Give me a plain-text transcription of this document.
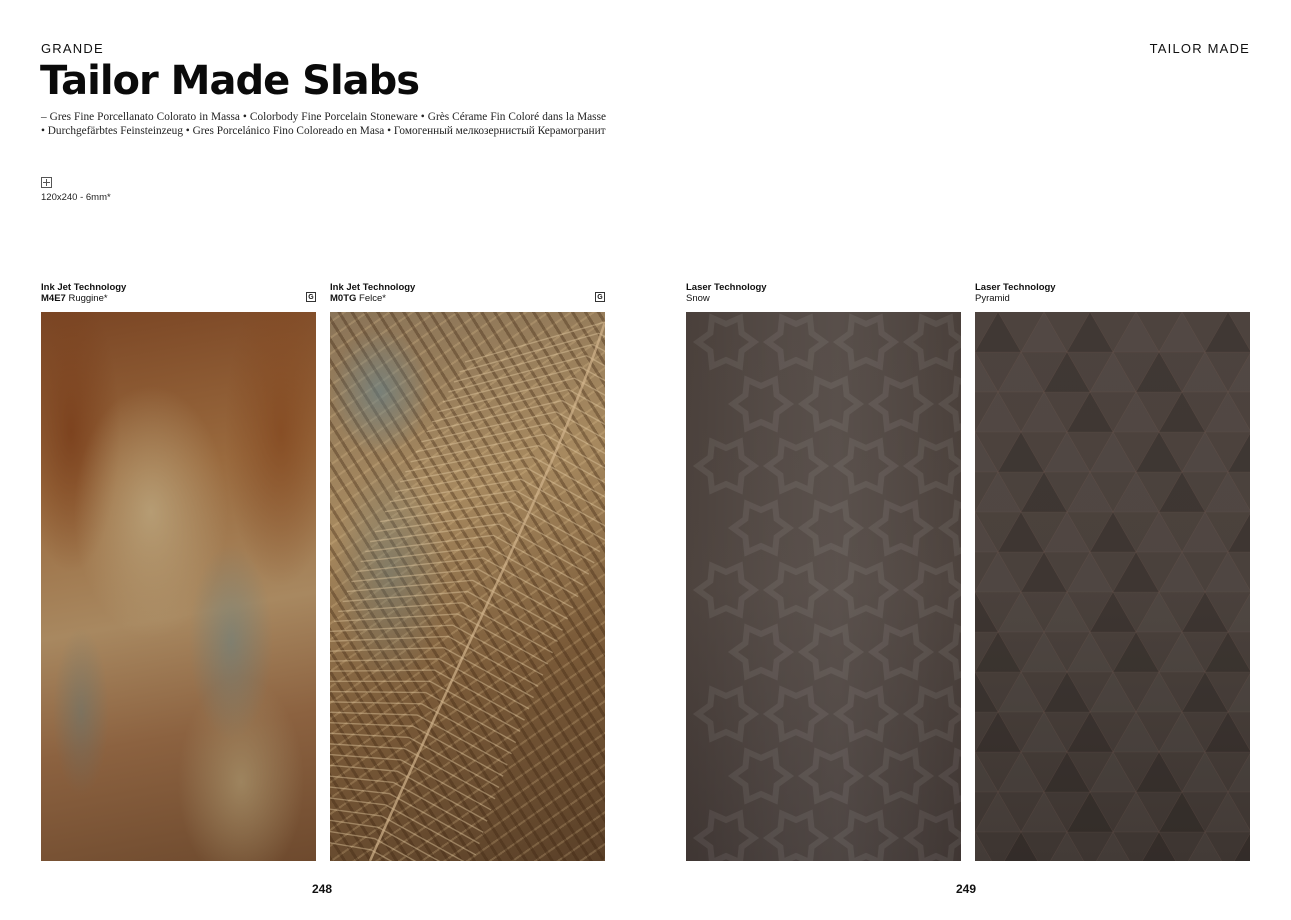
GRANDE	TAILOR MADE
Tailor Made Slabs

– Gres Fine Porcellanato Colorato in Massa • Colorbody Fine Porcelain Stoneware • Grès Cérame Fin Coloré dans la Masse • Durchgefärbtes Feinsteinzeug • Gres Porcelánico Fino Coloreado en Masa • Гомогенный мелкозернистый Керамогранит

120x240 - 6mm*
Ink Jet Technology
M4E7 Ruggine*	G
Ink Jet Technology
M0TG Felce*	G
Laser Technology
Snow
Laser Technology
Pyramid
248	249
